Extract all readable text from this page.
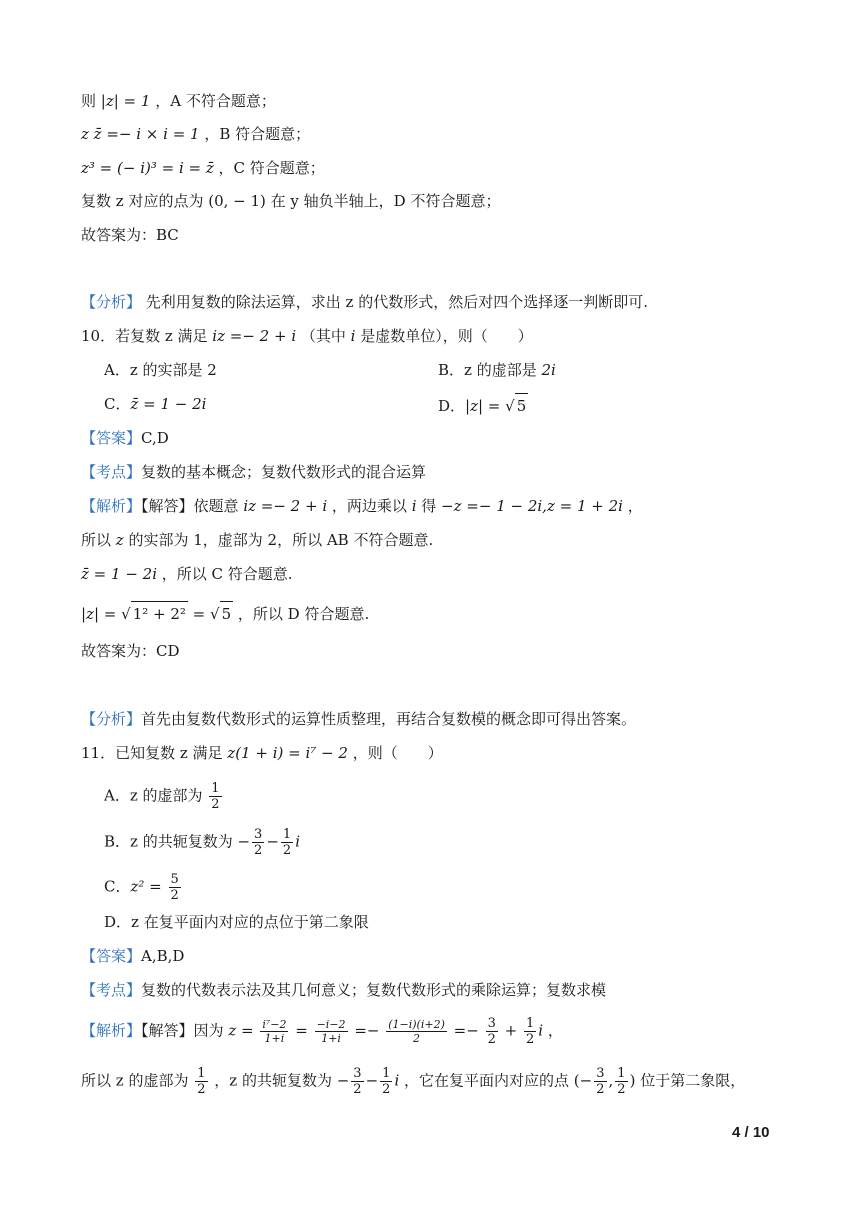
则 |z| = 1 ，A 不符合题意；
z z̄ =− i × i = 1 ，B 符合题意；
z³ = (− i)³ = i = z̄ ，C 符合题意；
复数 z 对应的点为 (0, − 1) 在 y 轴负半轴上，D 不符合题意；
故答案为：BC
【分析】 先利用复数的除法运算，求出 z 的代数形式，然后对四个选择逐一判断即可.
10．若复数 z 满足 iz =− 2 + i （其中 i 是虚数单位），则（　　）
A．z 的实部是 2	B．z 的虚部是 2i
C．z̄ = 1 − 2i	D．|z| = √ 5
【答案】C,D
【考点】复数的基本概念；复数代数形式的混合运算
【解析】【解答】依题意 iz =− 2 + i ，两边乘以 i 得 −z =− 1 − 2i,z = 1 + 2i ，
所以 z 的实部为 1，虚部为 2，所以 AB 不符合题意.
z̄ = 1 − 2i ，所以 C 符合题意.
|z| = √ 1² + 2² = √ 5 ，所以 D 符合题意.
故答案为：CD
【分析】首先由复数代数形式的运算性质整理，再结合复数模的概念即可得出答案。
11．已知复数 z 满足 z(1 + i) = i⁷ − 2 ，则（　　）
A．z 的虚部为 $\frac{1}{2}$
B．z 的共轭复数为 − $\frac{3}{2} - \frac{1}{2}$ i
C．$z^2 = \frac{5}{2}$
D．z 在复平面内对应的点位于第二象限
【答案】A,B,D
【考点】复数的代数表示法及其几何意义；复数代数形式的乘除运算；复数求模
【解析】【解答】因为 $z = \frac{\text{i⁷−2}}{1+i} = \frac{-i-2}{1+i} =- \frac{(1-i)(i+2)}{2} =- \frac{3}{2} + \frac{1}{2}$ i ，
所以 z 的虚部为 $\frac{1}{2}$ ，z 的共轭复数为 − $\frac{3}{2} - \frac{1}{2}$ i ，它在复平面内对应的点 (− $\frac{3}{2}$ , $\frac{1}{2}$ ) 位于第二象限，
4 / 10
